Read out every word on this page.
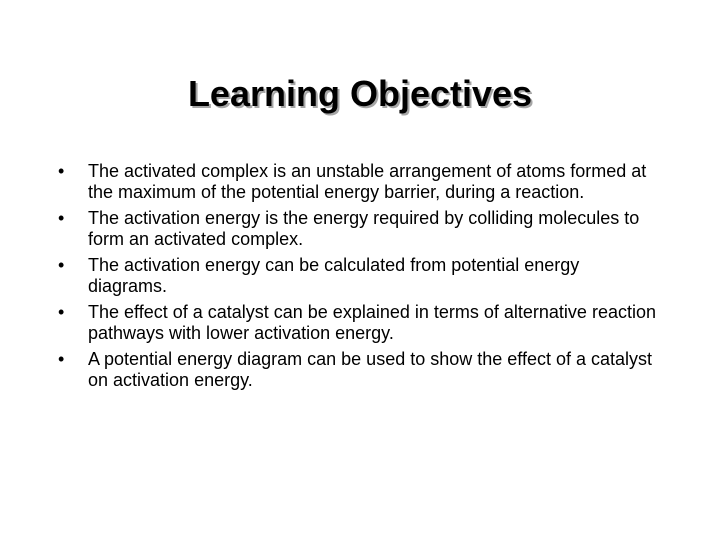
Learning Objectives
•	The activated complex is an unstable arrangement of atoms formed at the maximum of the potential energy barrier, during a reaction.
•	The activation energy is the energy required by colliding molecules to form an activated complex.
•	The activation energy can be calculated from potential energy diagrams.
•	The effect of a catalyst can be explained in terms of alternative reaction pathways with lower activation energy.
•	A potential energy diagram can be used to show the effect of a catalyst on activation energy.
